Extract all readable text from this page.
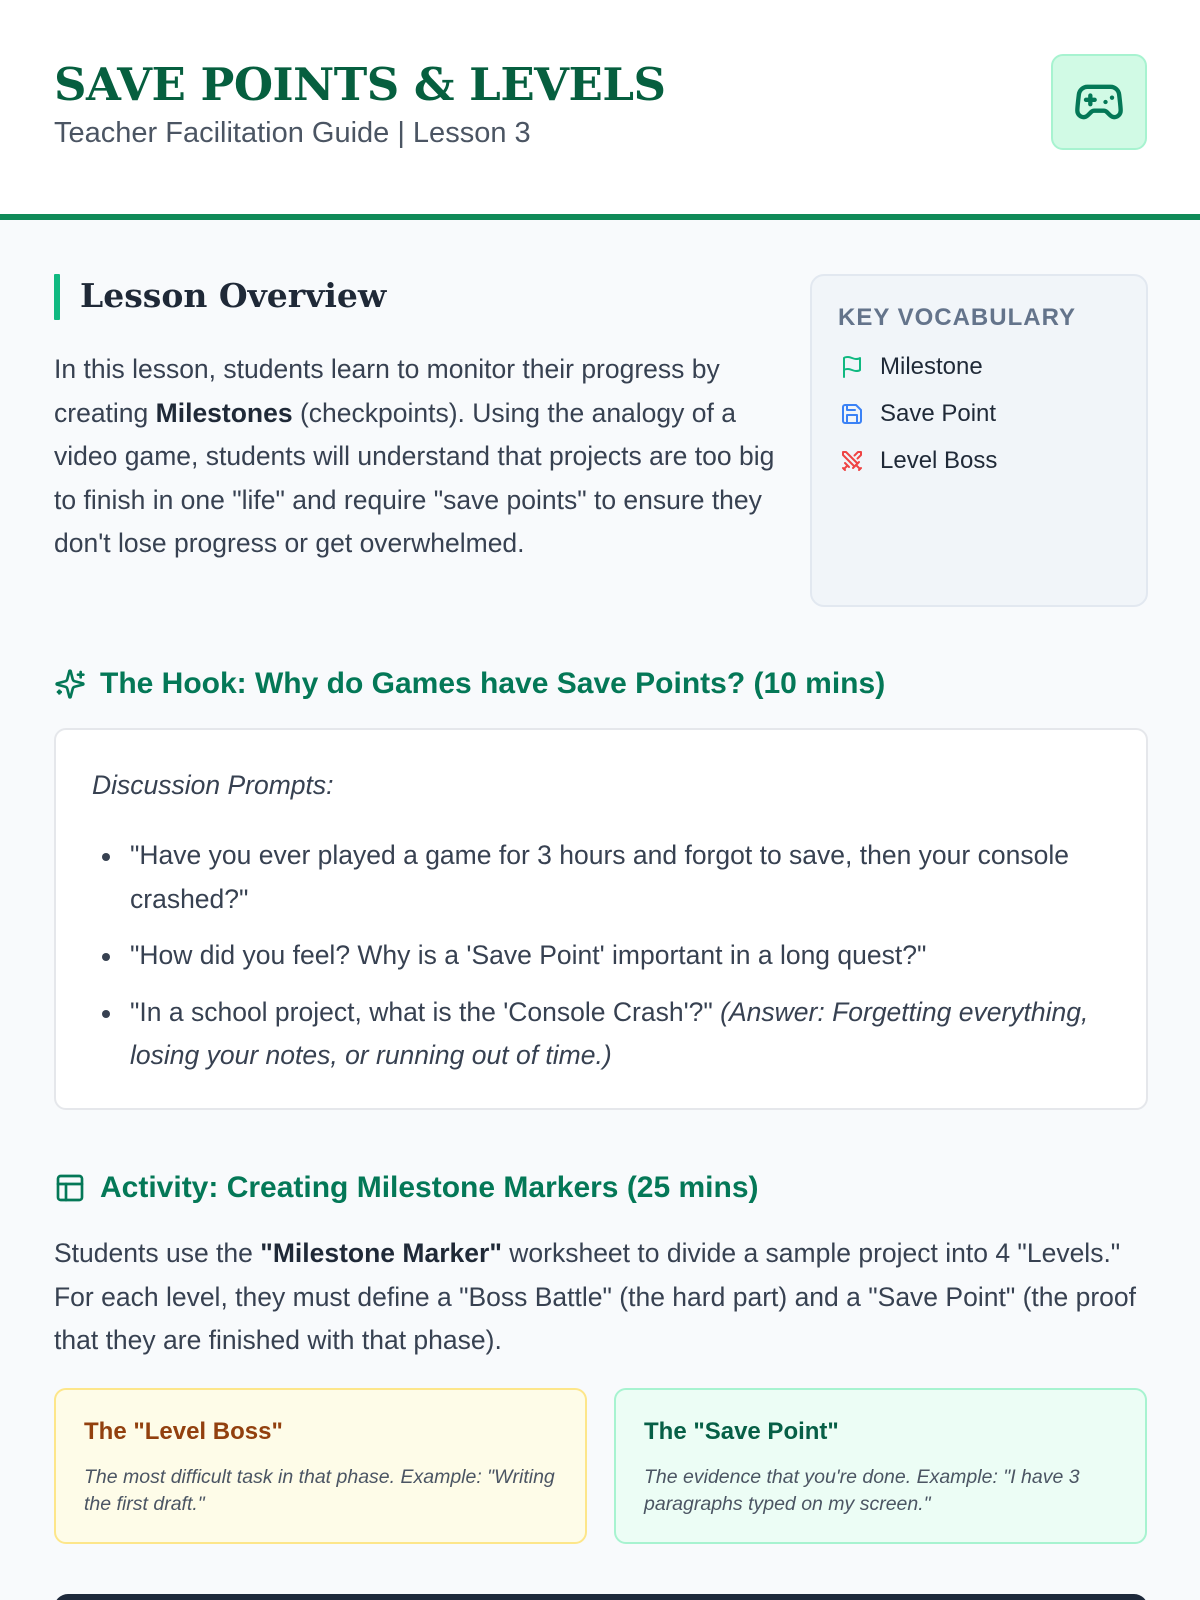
SAVE POINTS & LEVELS
Teacher Facilitation Guide | Lesson 3
Lesson Overview

In this lesson, students learn to monitor their progress by creating Milestones (checkpoints). Using the analogy of a video game, students will understand that projects are too big to finish in one "life" and require "save points" to ensure they don't lose progress or get overwhelmed.

KEY VOCABULARY
Milestone
Save Point
Level Boss
The Hook: Why do Games have Save Points? (10 mins)
Discussion Prompts:
"Have you ever played a game for 3 hours and forgot to save, then your console crashed?"
"How did you feel? Why is a 'Save Point' important in a long quest?"
"In a school project, what is the 'Console Crash'?" (Answer: Forgetting everything, losing your notes, or running out of time.)
Activity: Creating Milestone Markers (25 mins)

Students use the "Milestone Marker" worksheet to divide a sample project into 4 "Levels." For each level, they must define a "Boss Battle" (the hard part) and a "Save Point" (the proof that they are finished with that phase).

The "Level Boss"
The most difficult task in that phase. Example: "Writing the first draft."
The "Save Point"
The evidence that you're done. Example: "I have 3 paragraphs typed on my screen."
